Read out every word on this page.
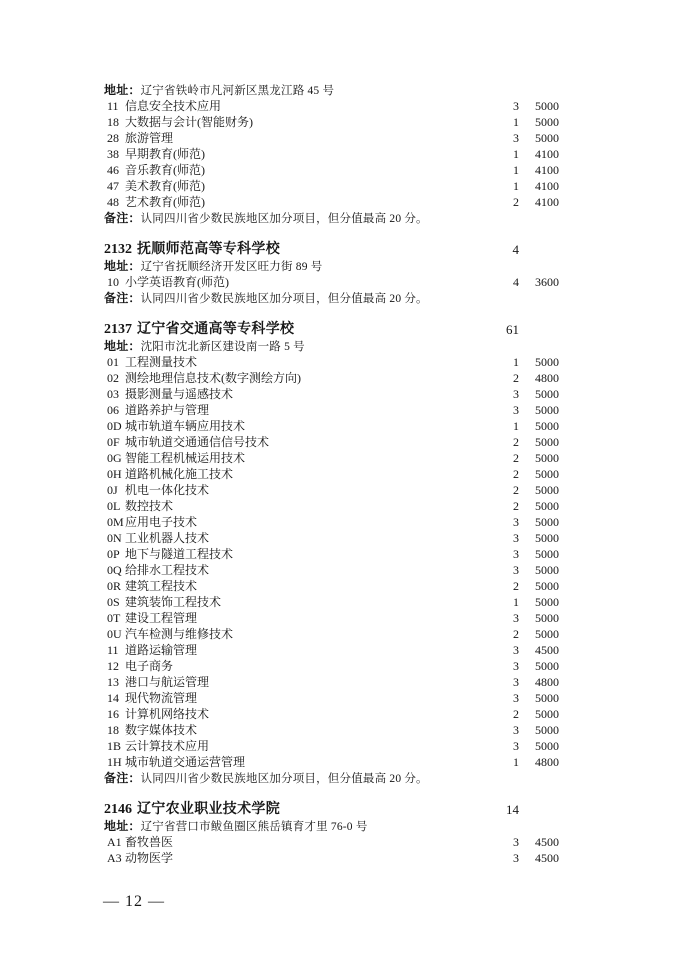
地址：辽宁省铁岭市凡河新区黑龙江路 45 号
11 信息安全技术应用	3 5000
18 大数据与会计(智能财务)	1 5000
28 旅游管理	3 5000
38 早期教育(师范)	1 4100
46 音乐教育(师范)	1 4100
47 美术教育(师范)	1 4100
48 艺术教育(师范)	2 4100
备注：认同四川省少数民族地区加分项目，但分值最高 20 分。
2132 抚顺师范高等专科学校	4
地址：辽宁省抚顺经济开发区旺力街 89 号
10 小学英语教育(师范)	4 3600
备注：认同四川省少数民族地区加分项目，但分值最高 20 分。
2137 辽宁省交通高等专科学校	61
地址：沈阳市沈北新区建设南一路 5 号
01 工程测量技术	1 5000
02 测绘地理信息技术(数字测绘方向)	2 4800
03 摄影测量与遥感技术	3 5000
06 道路养护与管理	3 5000
0D 城市轨道车辆应用技术	1 5000
0F 城市轨道交通通信信号技术	2 5000
0G 智能工程机械运用技术	2 5000
0H 道路机械化施工技术	2 5000
0J 机电一体化技术	2 5000
0L 数控技术	2 5000
0M 应用电子技术	3 5000
0N 工业机器人技术	3 5000
0P 地下与隧道工程技术	3 5000
0Q 给排水工程技术	3 5000
0R 建筑工程技术	2 5000
0S 建筑装饰工程技术	1 5000
0T 建设工程管理	3 5000
0U 汽车检测与维修技术	2 5000
11 道路运输管理	3 4500
12 电子商务	3 5000
13 港口与航运管理	3 4800
14 现代物流管理	3 5000
16 计算机网络技术	2 5000
18 数字媒体技术	3 5000
1B 云计算技术应用	3 5000
1H 城市轨道交通运营管理	1 4800
备注：认同四川省少数民族地区加分项目，但分值最高 20 分。
2146 辽宁农业职业技术学院	14
地址：辽宁省营口市鲅鱼圈区熊岳镇育才里 76-0 号
A1 畜牧兽医	3 4500
A3 动物医学	3 4500
— 12 —
